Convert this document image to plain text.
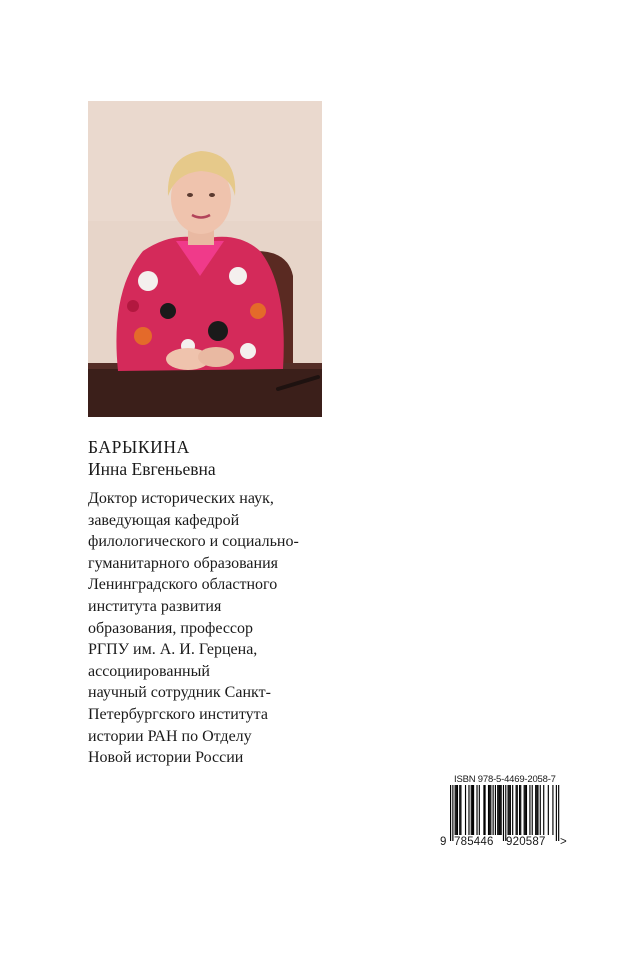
БАРЫКИНА
Инна Евгеньевна
Доктор исторических наук,
заведующая кафедрой
филологического и социально-
гуманитарного образования
Ленинградского областного
института развития
образования, профессор
РГПУ им. А. И. Герцена,
ассоциированный
научный сотрудник Санкт-
Петербургского института
истории РАН по Отделу
Новой истории России
ISBN 978-5-4469-2058-7
9 785446 920587 >
